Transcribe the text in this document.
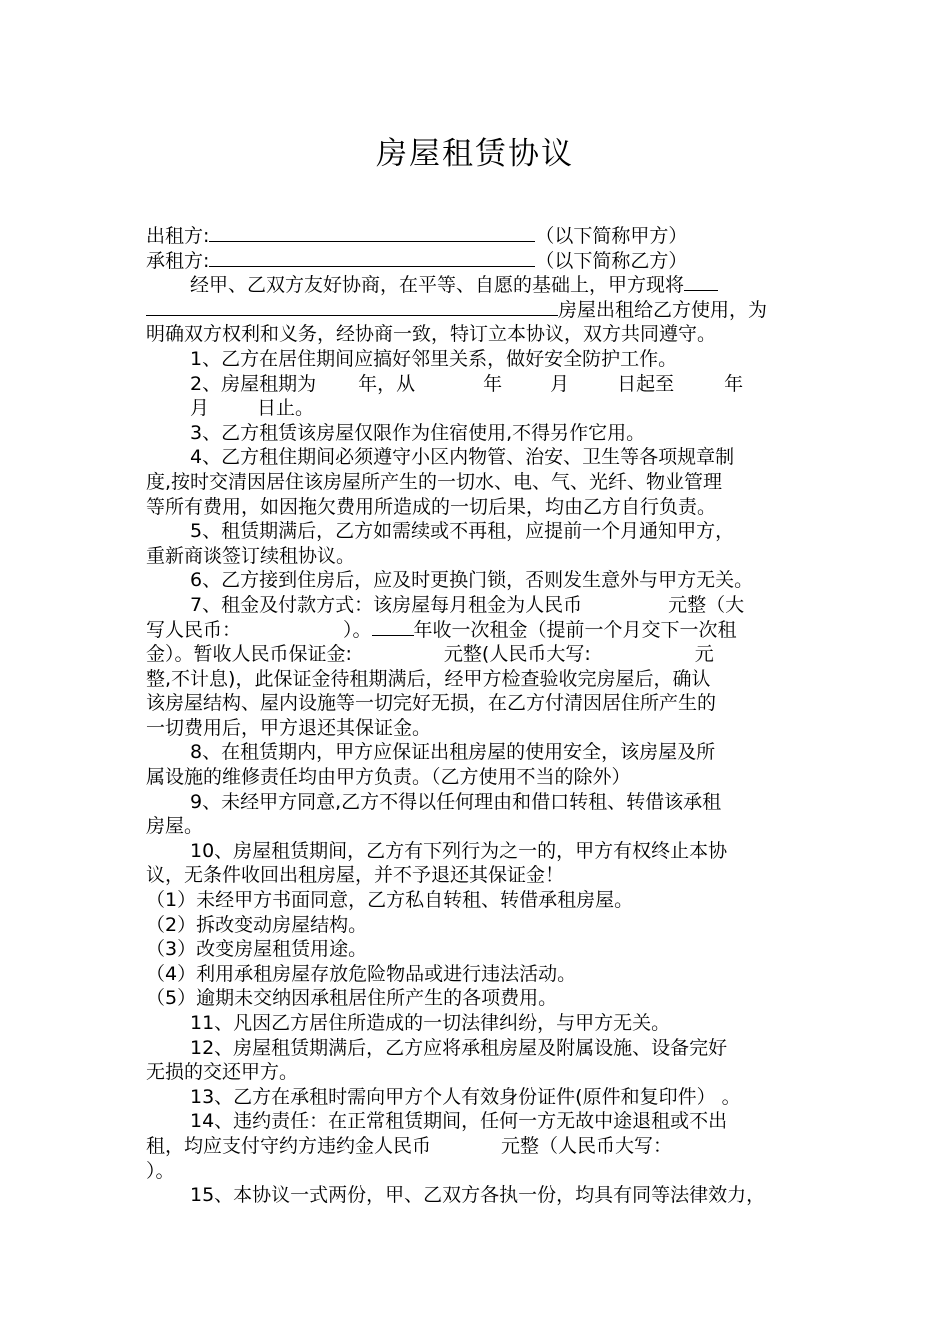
房屋租赁协议
出租方:	（以下简称甲方）
承租方:	（以下简称乙方）
经甲、乙双方友好协商，在平等、自愿的基础上，甲方现将
房屋出租给乙方使用，为
明确双方权利和义务，经协商一致，特订立本协议，双方共同遵守。
1、乙方在居住期间应搞好邻里关系，做好安全防护工作。
2、房屋租期为 年，从	年	月	日起至	年
月	日止。
3、乙方租赁该房屋仅限作为住宿使用,不得另作它用。
4、乙方租住期间必须遵守小区内物管、治安、卫生等各项规章制
度,按时交清因居住该房屋所产生的一切水、电、气、光纤、物业管理
等所有费用，如因拖欠费用所造成的一切后果，均由乙方自行负责。
5、租赁期满后，乙方如需续或不再租，应提前一个月通知甲方，
重新商谈签订续租协议。
6、乙方接到住房后，应及时更换门锁，否则发生意外与甲方无关。
7、租金及付款方式：该房屋每月租金为人民币	元整（大
写人民币：	）。 年收一次租金（提前一个月交下一次租
金）。暂收人民币保证金:	元整(人民币大写:	元
整,不计息)，此保证金待租期满后，经甲方检查验收完房屋后，确认
该房屋结构、屋内设施等一切完好无损，在乙方付清因居住所产生的
一切费用后，甲方退还其保证金。
8、在租赁期内，甲方应保证出租房屋的使用安全，该房屋及所
属设施的维修责任均由甲方负责。（乙方使用不当的除外）
9、未经甲方同意,乙方不得以任何理由和借口转租、转借该承租
房屋。
10、房屋租赁期间，乙方有下列行为之一的，甲方有权终止本协
议，无条件收回出租房屋，并不予退还其保证金！
（1）未经甲方书面同意，乙方私自转租、转借承租房屋。
（2）拆改变动房屋结构。
（3）改变房屋租赁用途。
（4）利用承租房屋存放危险物品或进行违法活动。
（5）逾期未交纳因承租居住所产生的各项费用。
11、凡因乙方居住所造成的一切法律纠纷，与甲方无关。
12、房屋租赁期满后，乙方应将承租房屋及附属设施、设备完好
无损的交还甲方。
13、乙方在承租时需向甲方个人有效身份证件(原件和复印件） 。
14、违约责任：在正常租赁期间，任何一方无故中途退租或不出
租，均应支付守约方违约金人民币	元整（人民币大写：
）。
15、本协议一式两份，甲、乙双方各执一份，均具有同等法律效力，
